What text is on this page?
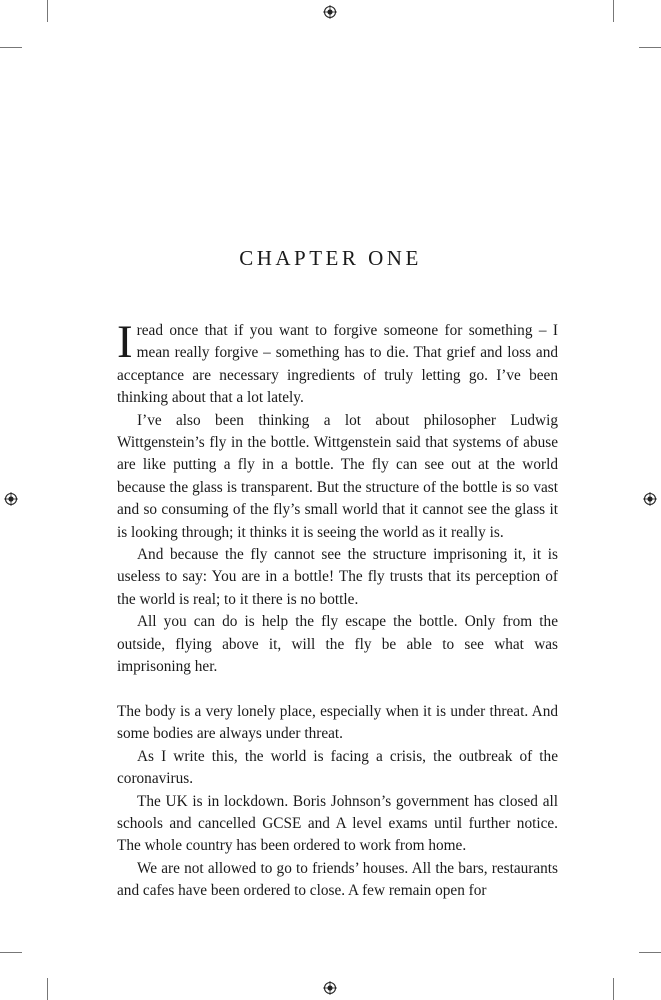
CHAPTER ONE

Iread once that if you want to forgive someone for something – I mean really forgive – something has to die. That grief and loss and acceptance are necessary ingredients of truly letting go. I’ve been thinking about that a lot lately.

I’ve also been thinking a lot about philosopher Ludwig Wittgenstein’s fly in the bottle. Wittgenstein said that systems of abuse are like putting a fly in a bottle. The fly can see out at the world because the glass is transparent. But the structure of the bottle is so vast and so consuming of the fly’s small world that it cannot see the glass it is looking through; it thinks it is seeing the world as it really is.

And because the fly cannot see the structure imprisoning it, it is useless to say: You are in a bottle! The fly trusts that its perception of the world is real; to it there is no bottle.

All you can do is help the fly escape the bottle. Only from the outside, flying above it, will the fly be able to see what was imprisoning her.

The body is a very lonely place, especially when it is under threat. And some bodies are always under threat.

As I write this, the world is facing a crisis, the outbreak of the coronavirus.

The UK is in lockdown. Boris Johnson’s government has closed all schools and cancelled GCSE and A level exams until further notice. The whole country has been ordered to work from home.

We are not allowed to go to friends’ houses. All the bars, restaurants and cafes have been ordered to close. A few remain open for
